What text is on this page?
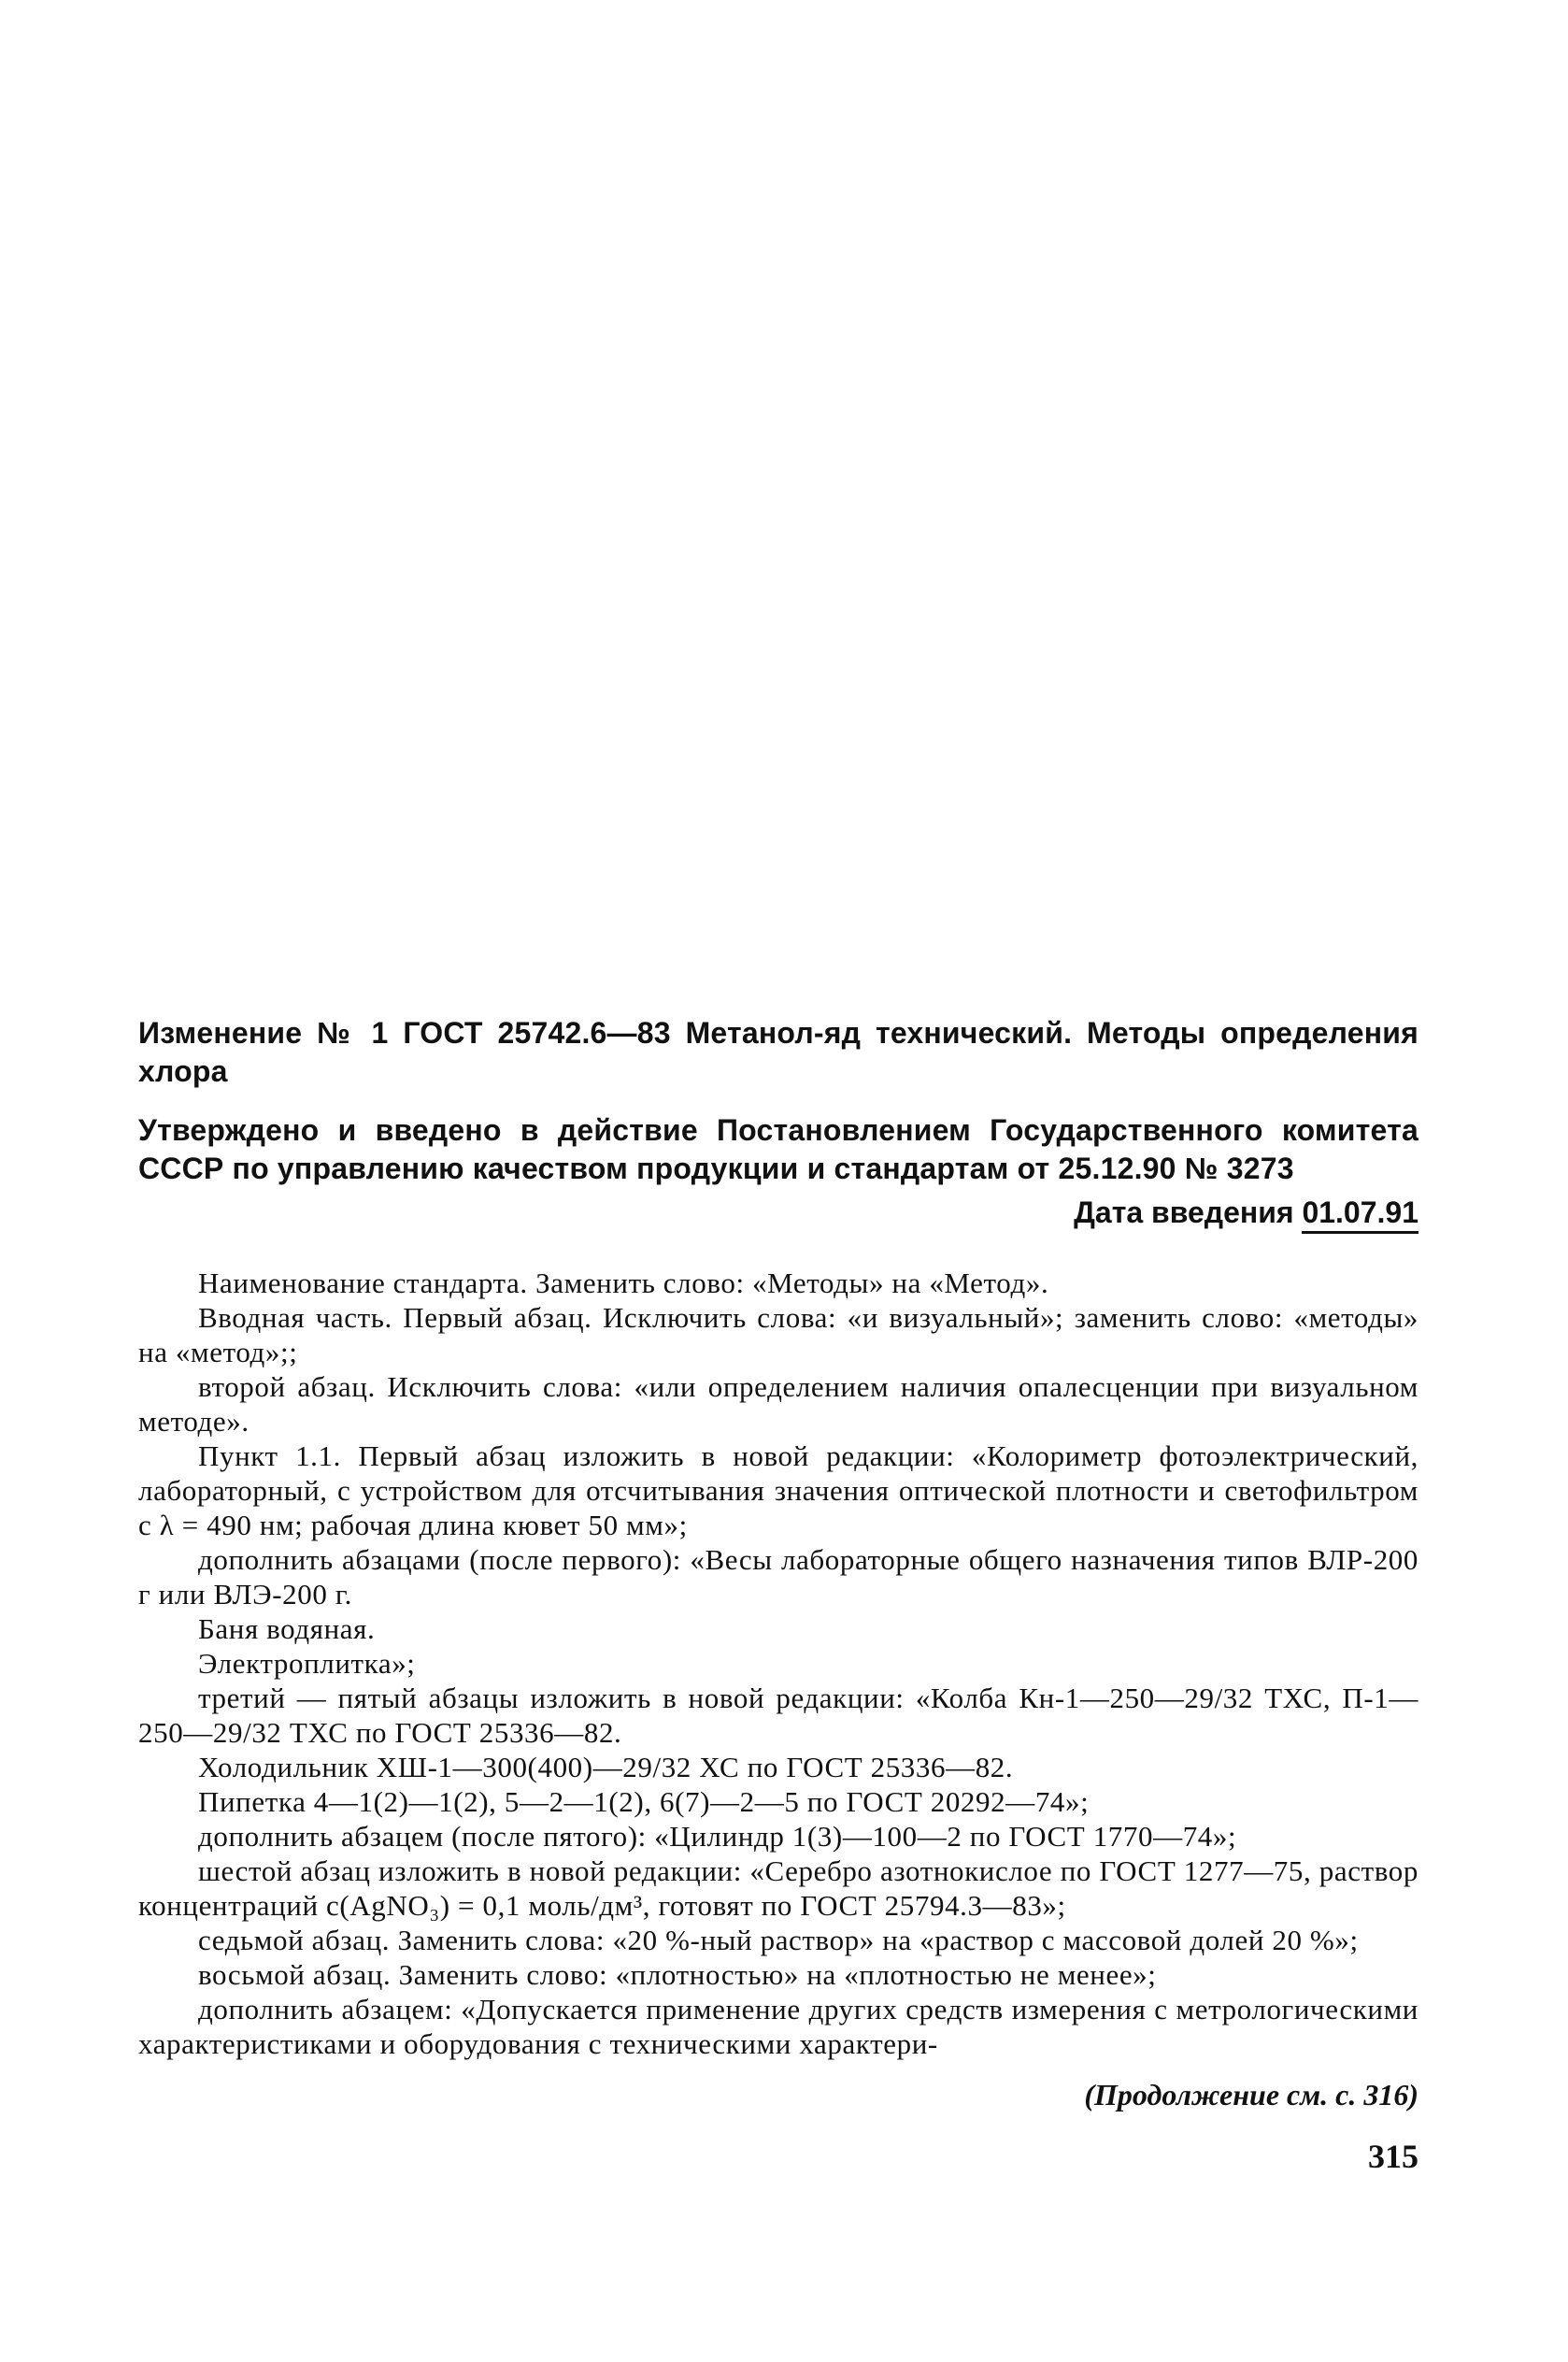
Изменение № 1 ГОСТ 25742.6—83 Метанол-яд технический. Методы определения хлора

Утверждено и введено в действие Постановлением Государственного комитета СССР по управлению качеством продукции и стандартам от 25.12.90 № 3273

Дата введения 01.07.91

Наименование стандарта. Заменить слово: «Методы» на «Метод».

Вводная часть. Первый абзац. Исключить слова: «и визуальный»; заменить слово: «методы» на «метод»;;

второй абзац. Исключить слова: «или определением наличия опалесценции при визуальном методе».

Пункт 1.1. Первый абзац изложить в новой редакции: «Колориметр фотоэлектрический, лабораторный, с устройством для отсчитывания значения оптической плотности и светофильтром с λ = 490 нм; рабочая длина кювет 50 мм»;

дополнить абзацами (после первого): «Весы лабораторные общего назначения типов ВЛР-200 г или ВЛЭ-200 г.

Баня водяная.

Электроплитка»;

третий — пятый абзацы изложить в новой редакции: «Колба Кн-1—250—29/32 ТХС, П-1—250—29/32 ТХС по ГОСТ 25336—82.

Холодильник ХШ-1—300(400)—29/32 ХС по ГОСТ 25336—82.

Пипетка 4—1(2)—1(2), 5—2—1(2), 6(7)—2—5 по ГОСТ 20292—74»;

дополнить абзацем (после пятого): «Цилиндр 1(3)—100—2 по ГОСТ 1770—74»;

шестой абзац изложить в новой редакции: «Серебро азотнокислое по ГОСТ 1277—75, раствор концентраций с(AgNO₃) = 0,1 моль/дм³, готовят по ГОСТ 25794.3—83»;

седьмой абзац. Заменить слова: «20 %-ный раствор» на «раствор с массовой долей 20 %»;

восьмой абзац. Заменить слово: «плотностью» на «плотностью не менее»;

дополнить абзацем: «Допускается применение других средств измерения с метрологическими характеристиками и оборудования с техническими характери-

(Продолжение см. с. 316)
315
